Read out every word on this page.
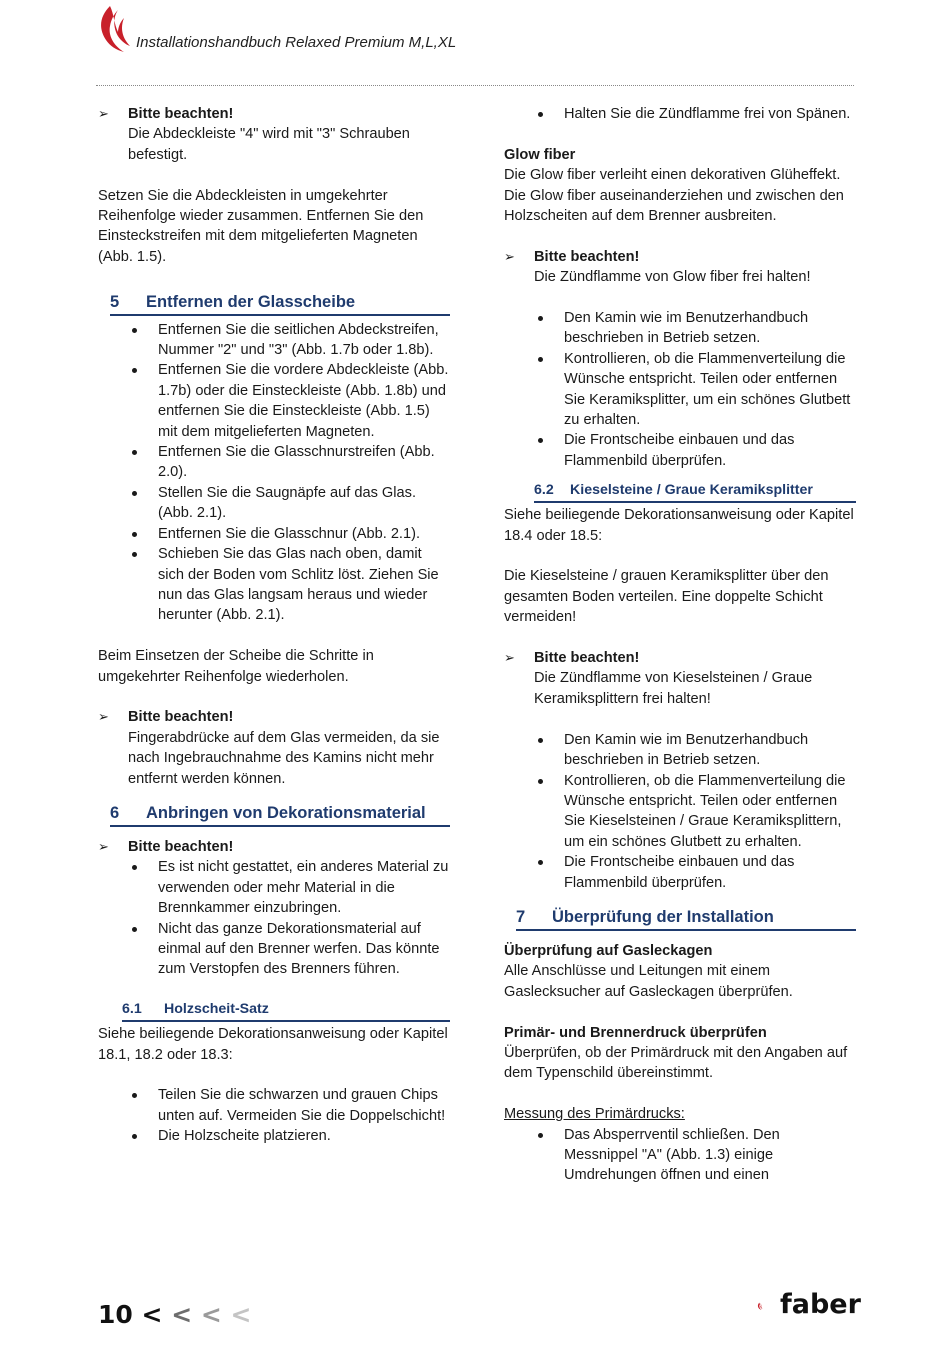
Installationshandbuch Relaxed Premium M,L,XL
➢ Bitte beachten!

Die Abdeckleiste "4" wird mit "3" Schrauben befestigt.

Setzen Sie die Abdeckleisten in umgekehrter Reihenfolge wieder zusammen. Entfernen Sie den Einsteckstreifen mit dem mitgelieferten Magneten (Abb. 1.5).

5 Entfernen der Glasscheibe
Entfernen Sie die seitlichen Abdeckstreifen, Nummer "2" und "3" (Abb. 1.7b oder 1.8b).
Entfernen Sie die vordere Abdeckleiste (Abb. 1.7b) oder die Einsteckleiste (Abb. 1.8b) und entfernen Sie die Einsteckleiste (Abb. 1.5) mit dem mitgelieferten Magneten.
Entfernen Sie die Glasschnurstreifen (Abb. 2.0).
Stellen Sie die Saugnäpfe auf das Glas. (Abb. 2.1).
Entfernen Sie die Glasschnur (Abb. 2.1).
Schieben Sie das Glas nach oben, damit sich der Boden vom Schlitz löst. Ziehen Sie nun das Glas langsam heraus und wieder herunter (Abb. 2.1).

Beim Einsetzen der Scheibe die Schritte in umgekehrter Reihenfolge wiederholen.

➢ Bitte beachten!

Fingerabdrücke auf dem Glas vermeiden, da sie nach Ingebrauchnahme des Kamins nicht mehr entfernt werden können.

6 Anbringen von Dekorationsmaterial
➢ Bitte beachten!

Es ist nicht gestattet, ein anderes Material zu verwenden oder mehr Material in die Brennkammer einzubringen.
Nicht das ganze Dekorationsmaterial auf einmal auf den Brenner werfen. Das könnte zum Verstopfen des Brenners führen.
6.1 Holzscheit-Satz

Siehe beiliegende Dekorationsanweisung oder Kapitel 18.1, 18.2 oder 18.3:

Teilen Sie die schwarzen und grauen Chips unten auf. Vermeiden Sie die Doppelschicht!
Die Holzscheite platzieren.
Halten Sie die Zündflamme frei von Spänen.

Glow fiber

Die Glow fiber verleiht einen dekorativen Glüheffekt. Die Glow fiber auseinanderziehen und zwischen den Holzscheiten auf dem Brenner ausbreiten.

➢ Bitte beachten!

Die Zündflamme von Glow fiber frei halten!

Den Kamin wie im Benutzerhandbuch beschrieben in Betrieb setzen.
Kontrollieren, ob die Flammenverteilung die Wünsche entspricht. Teilen oder entfernen Sie Keramiksplitter, um ein schönes Glutbett zu erhalten.
Die Frontscheibe einbauen und das Flammenbild überprüfen.
6.2 Kieselsteine / Graue Keramiksplitter

Siehe beiliegende Dekorationsanweisung oder Kapitel 18.4 oder 18.5:

Die Kieselsteine / grauen Keramiksplitter über den gesamten Boden verteilen. Eine doppelte Schicht vermeiden!

➢ Bitte beachten!

Die Zündflamme von Kieselsteinen / Graue Keramiksplittern frei halten!

Den Kamin wie im Benutzerhandbuch beschrieben in Betrieb setzen.
Kontrollieren, ob die Flammenverteilung die Wünsche entspricht. Teilen oder entfernen Sie Kieselsteinen / Graue Keramiksplittern, um ein schönes Glutbett zu erhalten.
Die Frontscheibe einbauen und das Flammenbild überprüfen.
7 Überprüfung der Installation

Überprüfung auf Gasleckagen

Alle Anschlüsse und Leitungen mit einem Gaslecksucher auf Gasleckagen überprüfen.

Primär- und Brennerdruck überprüfen

Überprüfen, ob der Primärdruck mit den Angaben auf dem Typenschild übereinstimmt.

Messung des Primärdrucks:

Das Absperrventil schließen. Den Messnippel "A" (Abb. 1.3) einige Umdrehungen öffnen und einen
10 < < < <	faber
